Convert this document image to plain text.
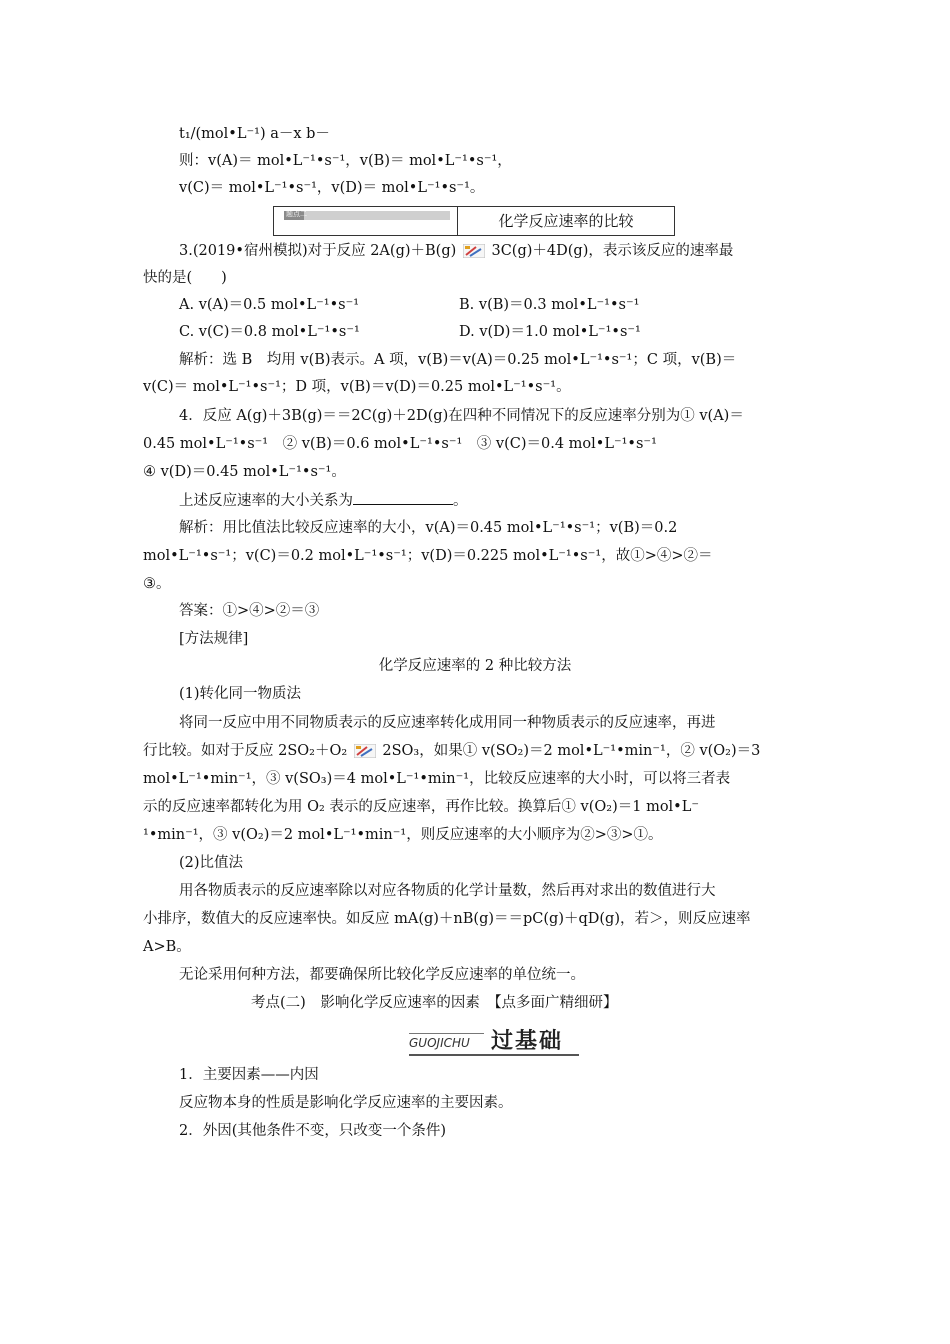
t₁/(mol•L⁻¹) a－x b－
则：v(A)＝ mol•L⁻¹•s⁻¹，v(B)＝ mol•L⁻¹•s⁻¹，
v(C)＝ mol•L⁻¹•s⁻¹，v(D)＝ mol•L⁻¹•s⁻¹。
题点二	化学反应速率的比较
3.(2019•宿州模拟)对于反应 2A(g)＋B(g) 3C(g)＋4D(g)，表示该反应的速率最
快的是(　　)
A. v(A)＝0.5 mol•L⁻¹•s⁻¹	B. v(B)＝0.3 mol•L⁻¹•s⁻¹
C. v(C)＝0.8 mol•L⁻¹•s⁻¹	D. v(D)＝1.0 mol•L⁻¹•s⁻¹
解析：选 B　均用 v(B)表示。A 项，v(B)＝v(A)＝0.25 mol•L⁻¹•s⁻¹；C 项，v(B)＝
v(C)＝ mol•L⁻¹•s⁻¹；D 项，v(B)＝v(D)＝0.25 mol•L⁻¹•s⁻¹。
4．反应 A(g)＋3B(g)＝＝2C(g)＋2D(g)在四种不同情况下的反应速率分别为① v(A)＝
0.45 mol•L⁻¹•s⁻¹　② v(B)＝0.6 mol•L⁻¹•s⁻¹　③ v(C)＝0.4 mol•L⁻¹•s⁻¹
④ v(D)＝0.45 mol•L⁻¹•s⁻¹。
上述反应速率的大小关系为	。
解析：用比值法比较反应速率的大小，v(A)＝0.45 mol•L⁻¹•s⁻¹；v(B)＝0.2
mol•L⁻¹•s⁻¹；v(C)＝0.2 mol•L⁻¹•s⁻¹；v(D)＝0.225 mol•L⁻¹•s⁻¹，故①>④>②＝
③。
答案：①>④>②＝③
[方法规律]
化学反应速率的 2 种比较方法
(1)转化同一物质法
将同一反应中用不同物质表示的反应速率转化成用同一种物质表示的反应速率，再进
行比较。如对于反应 2SO₂＋O₂ 2SO₃，如果① v(SO₂)＝2 mol•L⁻¹•min⁻¹，② v(O₂)＝3
mol•L⁻¹•min⁻¹，③ v(SO₃)＝4 mol•L⁻¹•min⁻¹，比较反应速率的大小时，可以将三者表
示的反应速率都转化为用 O₂ 表示的反应速率，再作比较。换算后① v(O₂)＝1 mol•L⁻
¹•min⁻¹，③ v(O₂)＝2 mol•L⁻¹•min⁻¹，则反应速率的大小顺序为②>③>①。
(2)比值法
用各物质表示的反应速率除以对应各物质的化学计量数，然后再对求出的数值进行大
小排序，数值大的反应速率快。如反应 mA(g)＋nB(g)＝＝pC(g)＋qD(g)，若＞，则反应速率
A>B。
无论采用何种方法，都要确保所比较化学反应速率的单位统一。
考点(二)　影响化学反应速率的因素　【点多面广精细研】
GUOJICHU 过基础
1．主要因素——内因
反应物本身的性质是影响化学反应速率的主要因素。
2．外因(其他条件不变，只改变一个条件)
